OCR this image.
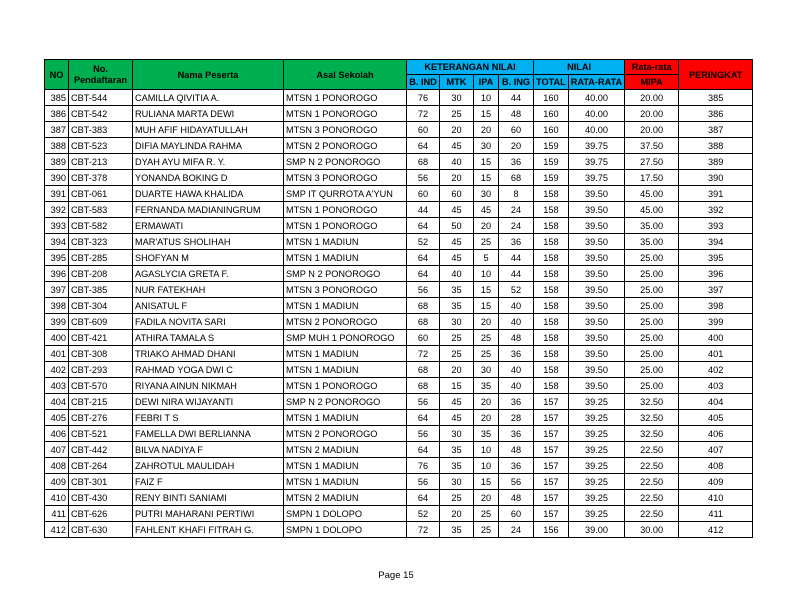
NO	No. Pendaftaran	Nama Peserta	Asal Sekolah	KETERANGAN NILAI				NILAI		Rata-rata	PERINGKAT
				B. IND	MTK	IPA	B. ING	TOTAL	RATA-RATA	MIPA	
385	CBT-544	CAMILLA QIVITIA A.	MTSN 1 PONOROGO	76	30	10	44	160	40.00	20.00	385
386	CBT-542	RULIANA MARTA DEWI	MTSN 1 PONOROGO	72	25	15	48	160	40.00	20.00	386
387	CBT-383	MUH AFIF HIDAYATULLAH	MTSN 3 PONOROGO	60	20	20	60	160	40.00	20.00	387
388	CBT-523	DIFIA MAYLINDA RAHMA	MTSN 2 PONOROGO	64	45	30	20	159	39.75	37.50	388
389	CBT-213	DYAH AYU MIFA R. Y.	SMP N 2 PONOROGO	68	40	15	36	159	39.75	27.50	389
390	CBT-378	YONANDA BOKING D	MTSN 3 PONOROGO	56	20	15	68	159	39.75	17.50	390
391	CBT-061	DUARTE HAWA KHALIDA	SMP IT QURROTA A'YUN	60	60	30	8	158	39.50	45.00	391
392	CBT-583	FERNANDA MADIANINGRUM	MTSN 1 PONOROGO	44	45	45	24	158	39.50	45.00	392
393	CBT-582	ERMAWATI	MTSN 1 PONOROGO	64	50	20	24	158	39.50	35.00	393
394	CBT-323	MAR'ATUS SHOLIHAH	MTSN 1 MADIUN	52	45	25	36	158	39.50	35.00	394
395	CBT-285	SHOFYAN M	MTSN 1 MADIUN	64	45	5	44	158	39.50	25.00	395
396	CBT-208	AGASLYCIA GRETA F.	SMP N 2 PONOROGO	64	40	10	44	158	39.50	25.00	396
397	CBT-385	NUR FATEKHAH	MTSN 3 PONOROGO	56	35	15	52	158	39.50	25.00	397
398	CBT-304	ANISATUL F	MTSN 1 MADIUN	68	35	15	40	158	39.50	25.00	398
399	CBT-609	FADILA NOVITA SARI	MTSN 2 PONOROGO	68	30	20	40	158	39.50	25.00	399
400	CBT-421	ATHIRA TAMALA S	SMP MUH 1 PONOROGO	60	25	25	48	158	39.50	25.00	400
401	CBT-308	TRIAKO AHMAD DHANI	MTSN 1 MADIUN	72	25	25	36	158	39.50	25.00	401
402	CBT-293	RAHMAD YOGA DWI C	MTSN 1 MADIUN	68	20	30	40	158	39.50	25.00	402
403	CBT-570	RIYANA AINUN NIKMAH	MTSN 1 PONOROGO	68	15	35	40	158	39.50	25.00	403
404	CBT-215	DEWI NIRA WIJAYANTI	SMP N 2 PONOROGO	56	45	20	36	157	39.25	32.50	404
405	CBT-276	FEBRI T S	MTSN 1 MADIUN	64	45	20	28	157	39.25	32.50	405
406	CBT-521	FAMELLA DWI BERLIANNA	MTSN 2 PONOROGO	56	30	35	36	157	39.25	32.50	406
407	CBT-442	BILVA NADIYA F	MTSN 2 MADIUN	64	35	10	48	157	39.25	22.50	407
408	CBT-264	ZAHROTUL MAULIDAH	MTSN 1 MADIUN	76	35	10	36	157	39.25	22.50	408
409	CBT-301	FAIZ F	MTSN 1 MADIUN	56	30	15	56	157	39.25	22.50	409
410	CBT-430	RENY BINTI SANIAMI	MTSN 2 MADIUN	64	25	20	48	157	39.25	22.50	410
411	CBT-626	PUTRI MAHARANI PERTIWI	SMPN 1 DOLOPO	52	20	25	60	157	39.25	22.50	411
412	CBT-630	FAHLENT KHAFI FITRAH G.	SMPN 1 DOLOPO	72	35	25	24	156	39.00	30.00	412
Page 15
